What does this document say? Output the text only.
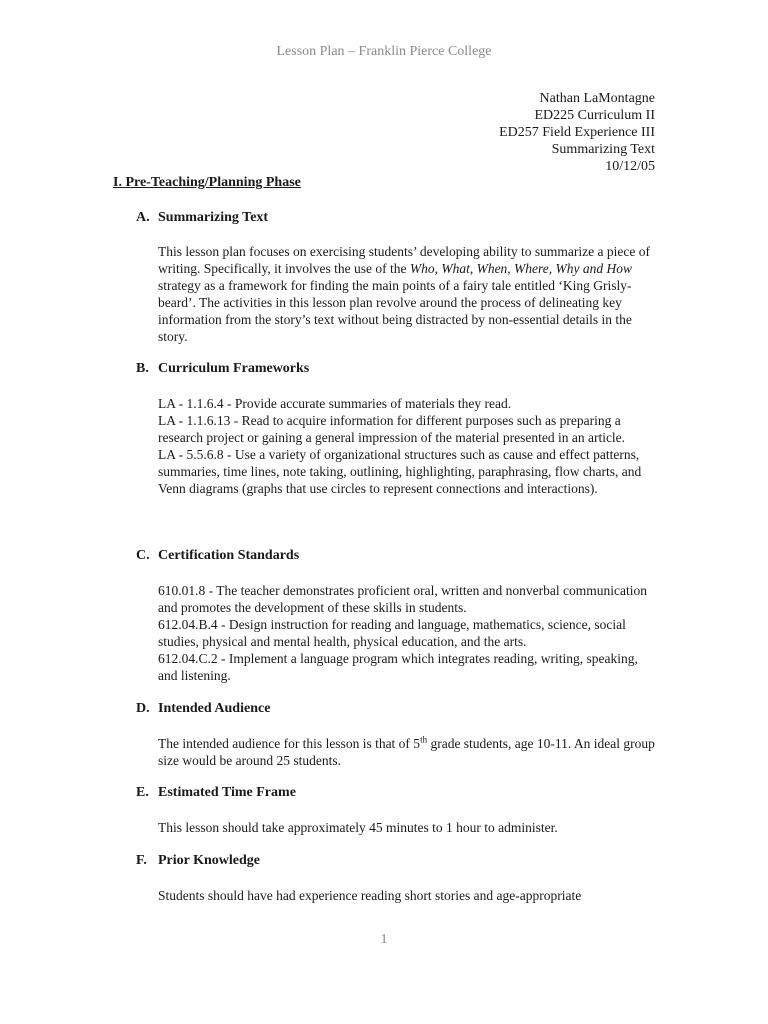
Lesson Plan – Franklin Pierce College
Nathan LaMontagne
ED225 Curriculum II
ED257 Field Experience III
Summarizing Text
10/12/05
I. Pre-Teaching/Planning Phase
A. Summarizing Text
This lesson plan focuses on exercising students’ developing ability to summarize a piece of writing. Specifically, it involves the use of the Who, What, When, Where, Why and How strategy as a framework for finding the main points of a fairy tale entitled ‘King Grisly-beard’. The activities in this lesson plan revolve around the process of delineating key information from the story’s text without being distracted by non-essential details in the story.
B. Curriculum Frameworks
LA - 1.1.6.4 - Provide accurate summaries of materials they read.
LA - 1.1.6.13 - Read to acquire information for different purposes such as preparing a research project or gaining a general impression of the material presented in an article.
LA - 5.5.6.8 - Use a variety of organizational structures such as cause and effect patterns, summaries, time lines, note taking, outlining, highlighting, paraphrasing, flow charts, and Venn diagrams (graphs that use circles to represent connections and interactions).
C. Certification Standards
610.01.8 - The teacher demonstrates proficient oral, written and nonverbal communication and promotes the development of these skills in students.
612.04.B.4 - Design instruction for reading and language, mathematics, science, social studies, physical and mental health, physical education, and the arts.
612.04.C.2 - Implement a language program which integrates reading, writing, speaking, and listening.
D. Intended Audience
The intended audience for this lesson is that of 5th grade students, age 10-11. An ideal group size would be around 25 students.
E. Estimated Time Frame
This lesson should take approximately 45 minutes to 1 hour to administer.
F. Prior Knowledge
Students should have had experience reading short stories and age-appropriate
1
